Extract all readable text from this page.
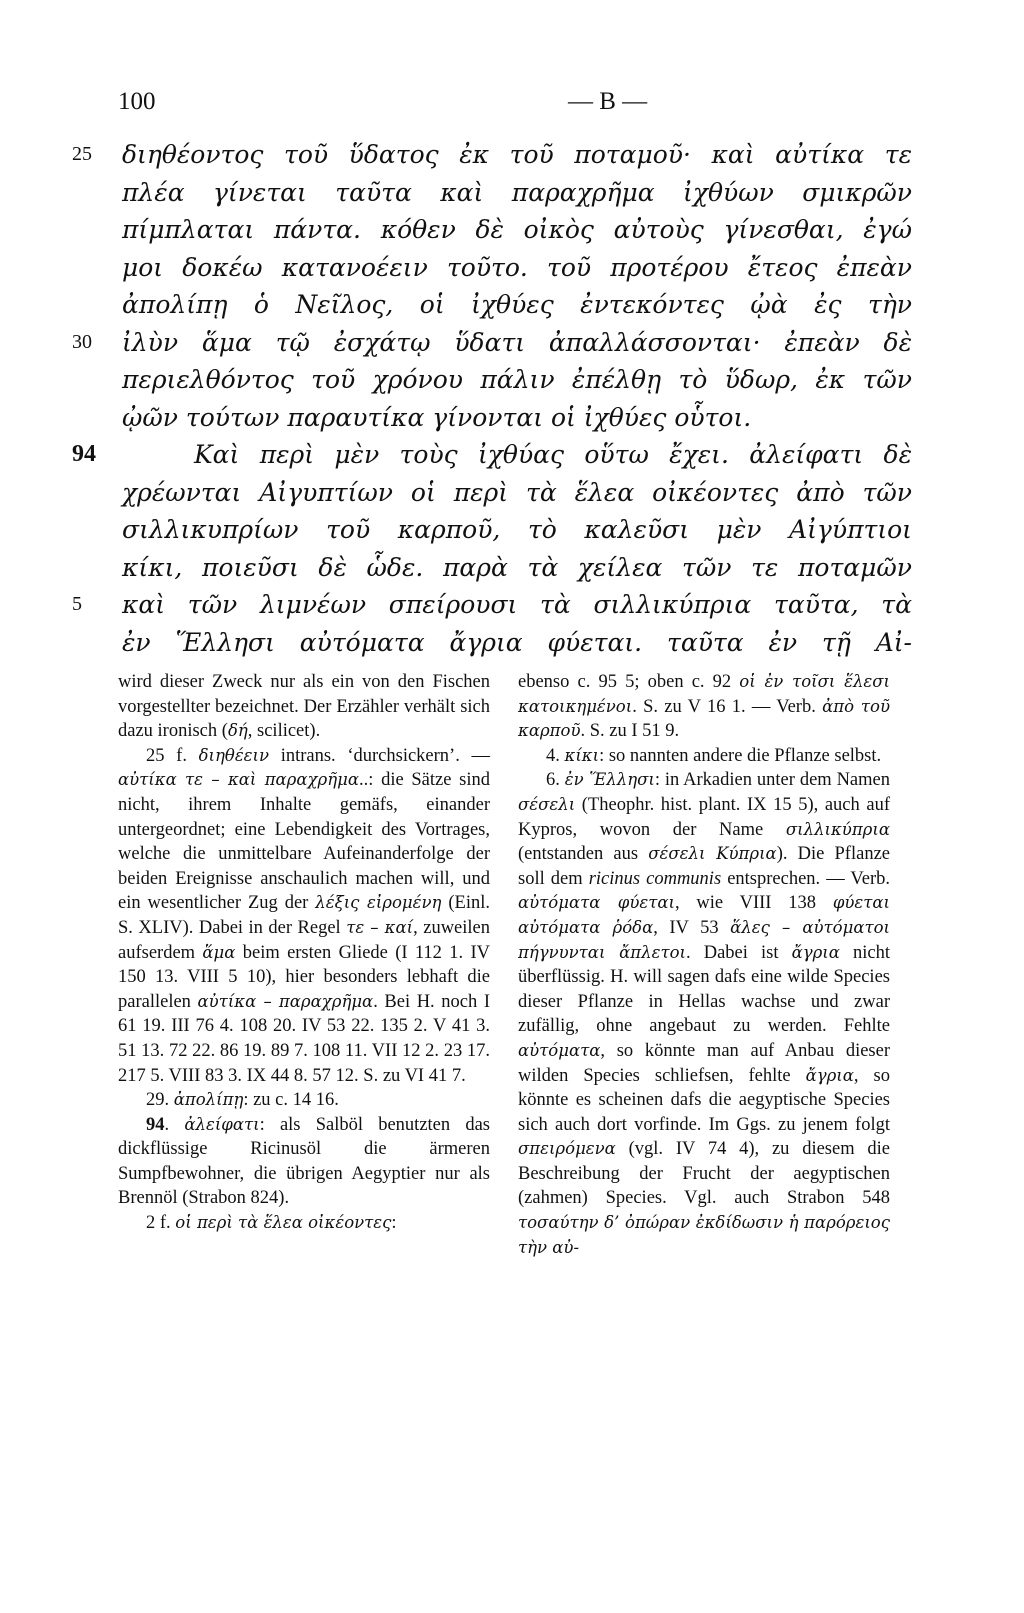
100	— B —
25	διηθέοντος τοῦ ὕδατος ἐκ τοῦ ποταμοῦ· καὶ αὐτίκα τε
πλέα γίνεται ταῦτα καὶ παραχρῆμα ἰχθύων σμικρῶν
πίμπλαται πάντα. κόθεν δὲ οἰκὸς αὐτοὺς γίνεσθαι, ἐγώ
μοι δοκέω κατανοέειν τοῦτο. τοῦ προτέρου ἔτεος ἐπεὰν
ἀπολίπῃ ὁ Νεῖλος, οἱ ἰχθύες ἐντεκόντες ᾠὰ ἐς τὴν
30	ἰλὺν ἅμα τῷ ἐσχάτῳ ὕδατι ἀπαλλάσσονται· ἐπεὰν δὲ
περιελθόντος τοῦ χρόνου πάλιν ἐπέλθῃ τὸ ὕδωρ, ἐκ τῶν
ᾠῶν τούτων παραυτίκα γίνονται οἱ ἰχθύες οὗτοι.
94	Καὶ περὶ μὲν τοὺς ἰχθύας οὕτω ἔχει. ἀλείφατι δὲ
χρέωνται Αἰγυπτίων οἱ περὶ τὰ ἕλεα οἰκέοντες ἀπὸ τῶν
σιλλικυπρίων τοῦ καρποῦ, τὸ καλεῦσι μὲν Αἰγύπτιοι
κίκι, ποιεῦσι δὲ ὧδε. παρὰ τὰ χείλεα τῶν τε ποταμῶν
5	καὶ τῶν λιμνέων σπείρουσι τὰ σιλλικύπρια ταῦτα, τὰ
ἐν Ἕλλησι αὐτόματα ἄγρια φύεται. ταῦτα ἐν τῇ Αἰ-

wird dieser Zweck nur als ein von den Fischen vorgestellter bezeichnet. Der Erzähler verhält sich dazu ironisch (δή, scilicet).

25 f. διηθέειν intrans. ‘durchsickern’. — αὐτίκα τε – καὶ παραχρῆμα..: die Sätze sind nicht, ihrem Inhalte gemäfs, einander untergeordnet; eine Lebendigkeit des Vortrages, welche die unmittelbare Aufeinanderfolge der beiden Ereignisse anschaulich machen will, und ein wesentlicher Zug der λέξις εἰρομένη (Einl. S. XLIV). Dabei in der Regel τε – καί, zuweilen aufserdem ἅμα beim ersten Gliede (I 112 1. IV 150 13. VIII 5 10), hier besonders lebhaft die parallelen αὐτίκα – παραχρῆμα. Bei H. noch I 61 19. III 76 4. 108 20. IV 53 22. 135 2. V 41 3. 51 13. 72 22. 86 19. 89 7. 108 11. VII 12 2. 23 17. 217 5. VIII 83 3. IX 44 8. 57 12. S. zu VI 41 7.

29. ἀπολίπῃ: zu c. 14 16.

94. ἀλείφατι: als Salböl benutzten das dickflüssige Ricinusöl die ärmeren Sumpfbewohner, die übrigen Aegyptier nur als Brennöl (Strabon 824).

2 f. οἱ περὶ τὰ ἕλεα οἰκέοντες:

ebenso c. 95 5; oben c. 92 οἱ ἐν τοῖσι ἕλεσι κατοικημένοι. S. zu V 16 1. — Verb. ἀπὸ τοῦ καρποῦ. S. zu I 51 9.

4. κίκι: so nannten andere die Pflanze selbst.

6. ἐν Ἕλλησι: in Arkadien unter dem Namen σέσελι (Theophr. hist. plant. IX 15 5), auch auf Kypros, wovon der Name σιλλικύπρια (entstanden aus σέσελι Κύπρια). Die Pflanze soll dem ricinus communis entsprechen. — Verb. αὐτόματα φύεται, wie VIII 138 φύεται αὐτόματα ῥόδα, IV 53 ἅλες – αὐτόματοι πήγνυνται ἄπλετοι. Dabei ist ἄγρια nicht überflüssig. H. will sagen dafs eine wilde Species dieser Pflanze in Hellas wachse und zwar zufällig, ohne angebaut zu werden. Fehlte αὐτόματα, so könnte man auf Anbau dieser wilden Species schliefsen, fehlte ἄγρια, so könnte es scheinen dafs die aegyptische Species sich auch dort vorfinde. Im Ggs. zu jenem folgt σπειρόμενα (vgl. IV 74 4), zu diesem die Beschreibung der Frucht der aegyptischen (zahmen) Species. Vgl. auch Strabon 548 τοσαύτην δ’ ὀπώραν ἐκδίδωσιν ἡ παρόρειος τὴν αὐ-
